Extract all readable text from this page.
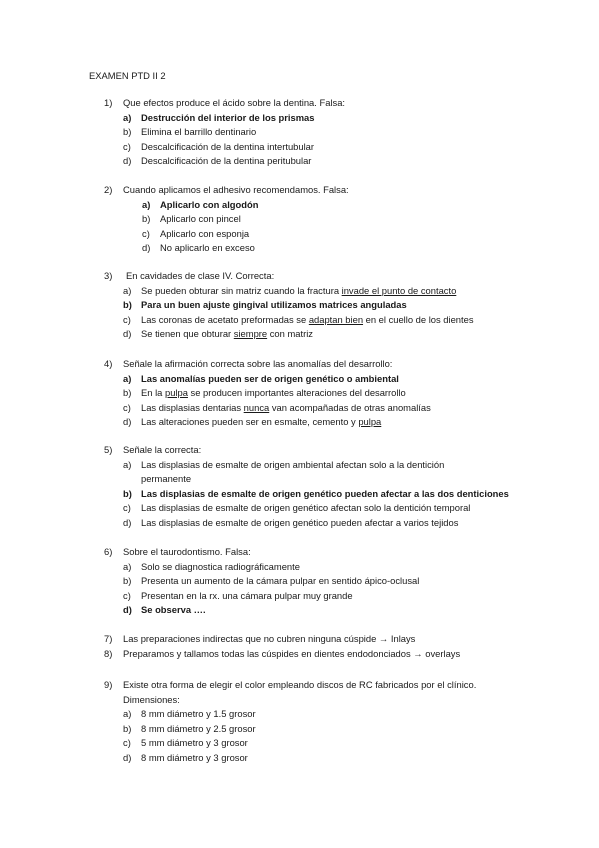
EXAMEN PTD II 2
1) Que efectos produce el ácido sobre la dentina. Falsa:
a) Destrucción del interior de los prismas
b) Elimina el barrillo dentinario
c) Descalcificación de la dentina intertubular
d) Descalcificación de la dentina peritubular
2) Cuando aplicamos el adhesivo recomendamos. Falsa:
a) Aplicarlo con algodón
b) Aplicarlo con pincel
c) Aplicarlo con esponja
d) No aplicarlo en exceso
3) En cavidades de clase IV. Correcta:
a) Se pueden obturar sin matriz cuando la fractura invade el punto de contacto
b) Para un buen ajuste gingival utilizamos matrices anguladas
c) Las coronas de acetato preformadas se adaptan bien en el cuello de los dientes
d) Se tienen que obturar siempre con matriz
4) Señale la afirmación correcta sobre las anomalías del desarrollo:
a) Las anomalías pueden ser de origen genético o ambiental
b) En la pulpa se producen importantes alteraciones del desarrollo
c) Las displasias dentarias nunca van acompañadas de otras anomalías
d) Las alteraciones pueden ser en esmalte, cemento y pulpa
5) Señale la correcta:
a) Las displasias de esmalte de origen ambiental afectan solo a la dentición
permanente
b) Las displasias de esmalte de origen genético pueden afectar a las dos denticiones
c) Las displasias de esmalte de origen genético afectan solo la dentición temporal
d) Las displasias de esmalte de origen genético pueden afectar a varios tejidos
6) Sobre el taurodontismo. Falsa:
a) Solo se diagnostica radiográficamente
b) Presenta un aumento de la cámara pulpar en sentido ápico-oclusal
c) Presentan en la rx. una cámara pulpar muy grande
d) Se observa ….
7) Las preparaciones indirectas que no cubren ninguna cúspide → Inlays
8) Preparamos y tallamos todas las cúspides en dientes endodonciados → overlays
9) Existe otra forma de elegir el color empleando discos de RC fabricados por el clínico.
Dimensiones:
a) 8 mm diámetro y 1.5 grosor
b) 8 mm diámetro y 2.5 grosor
c) 5 mm diámetro y 3 grosor
d) 8 mm diámetro y 3 grosor
